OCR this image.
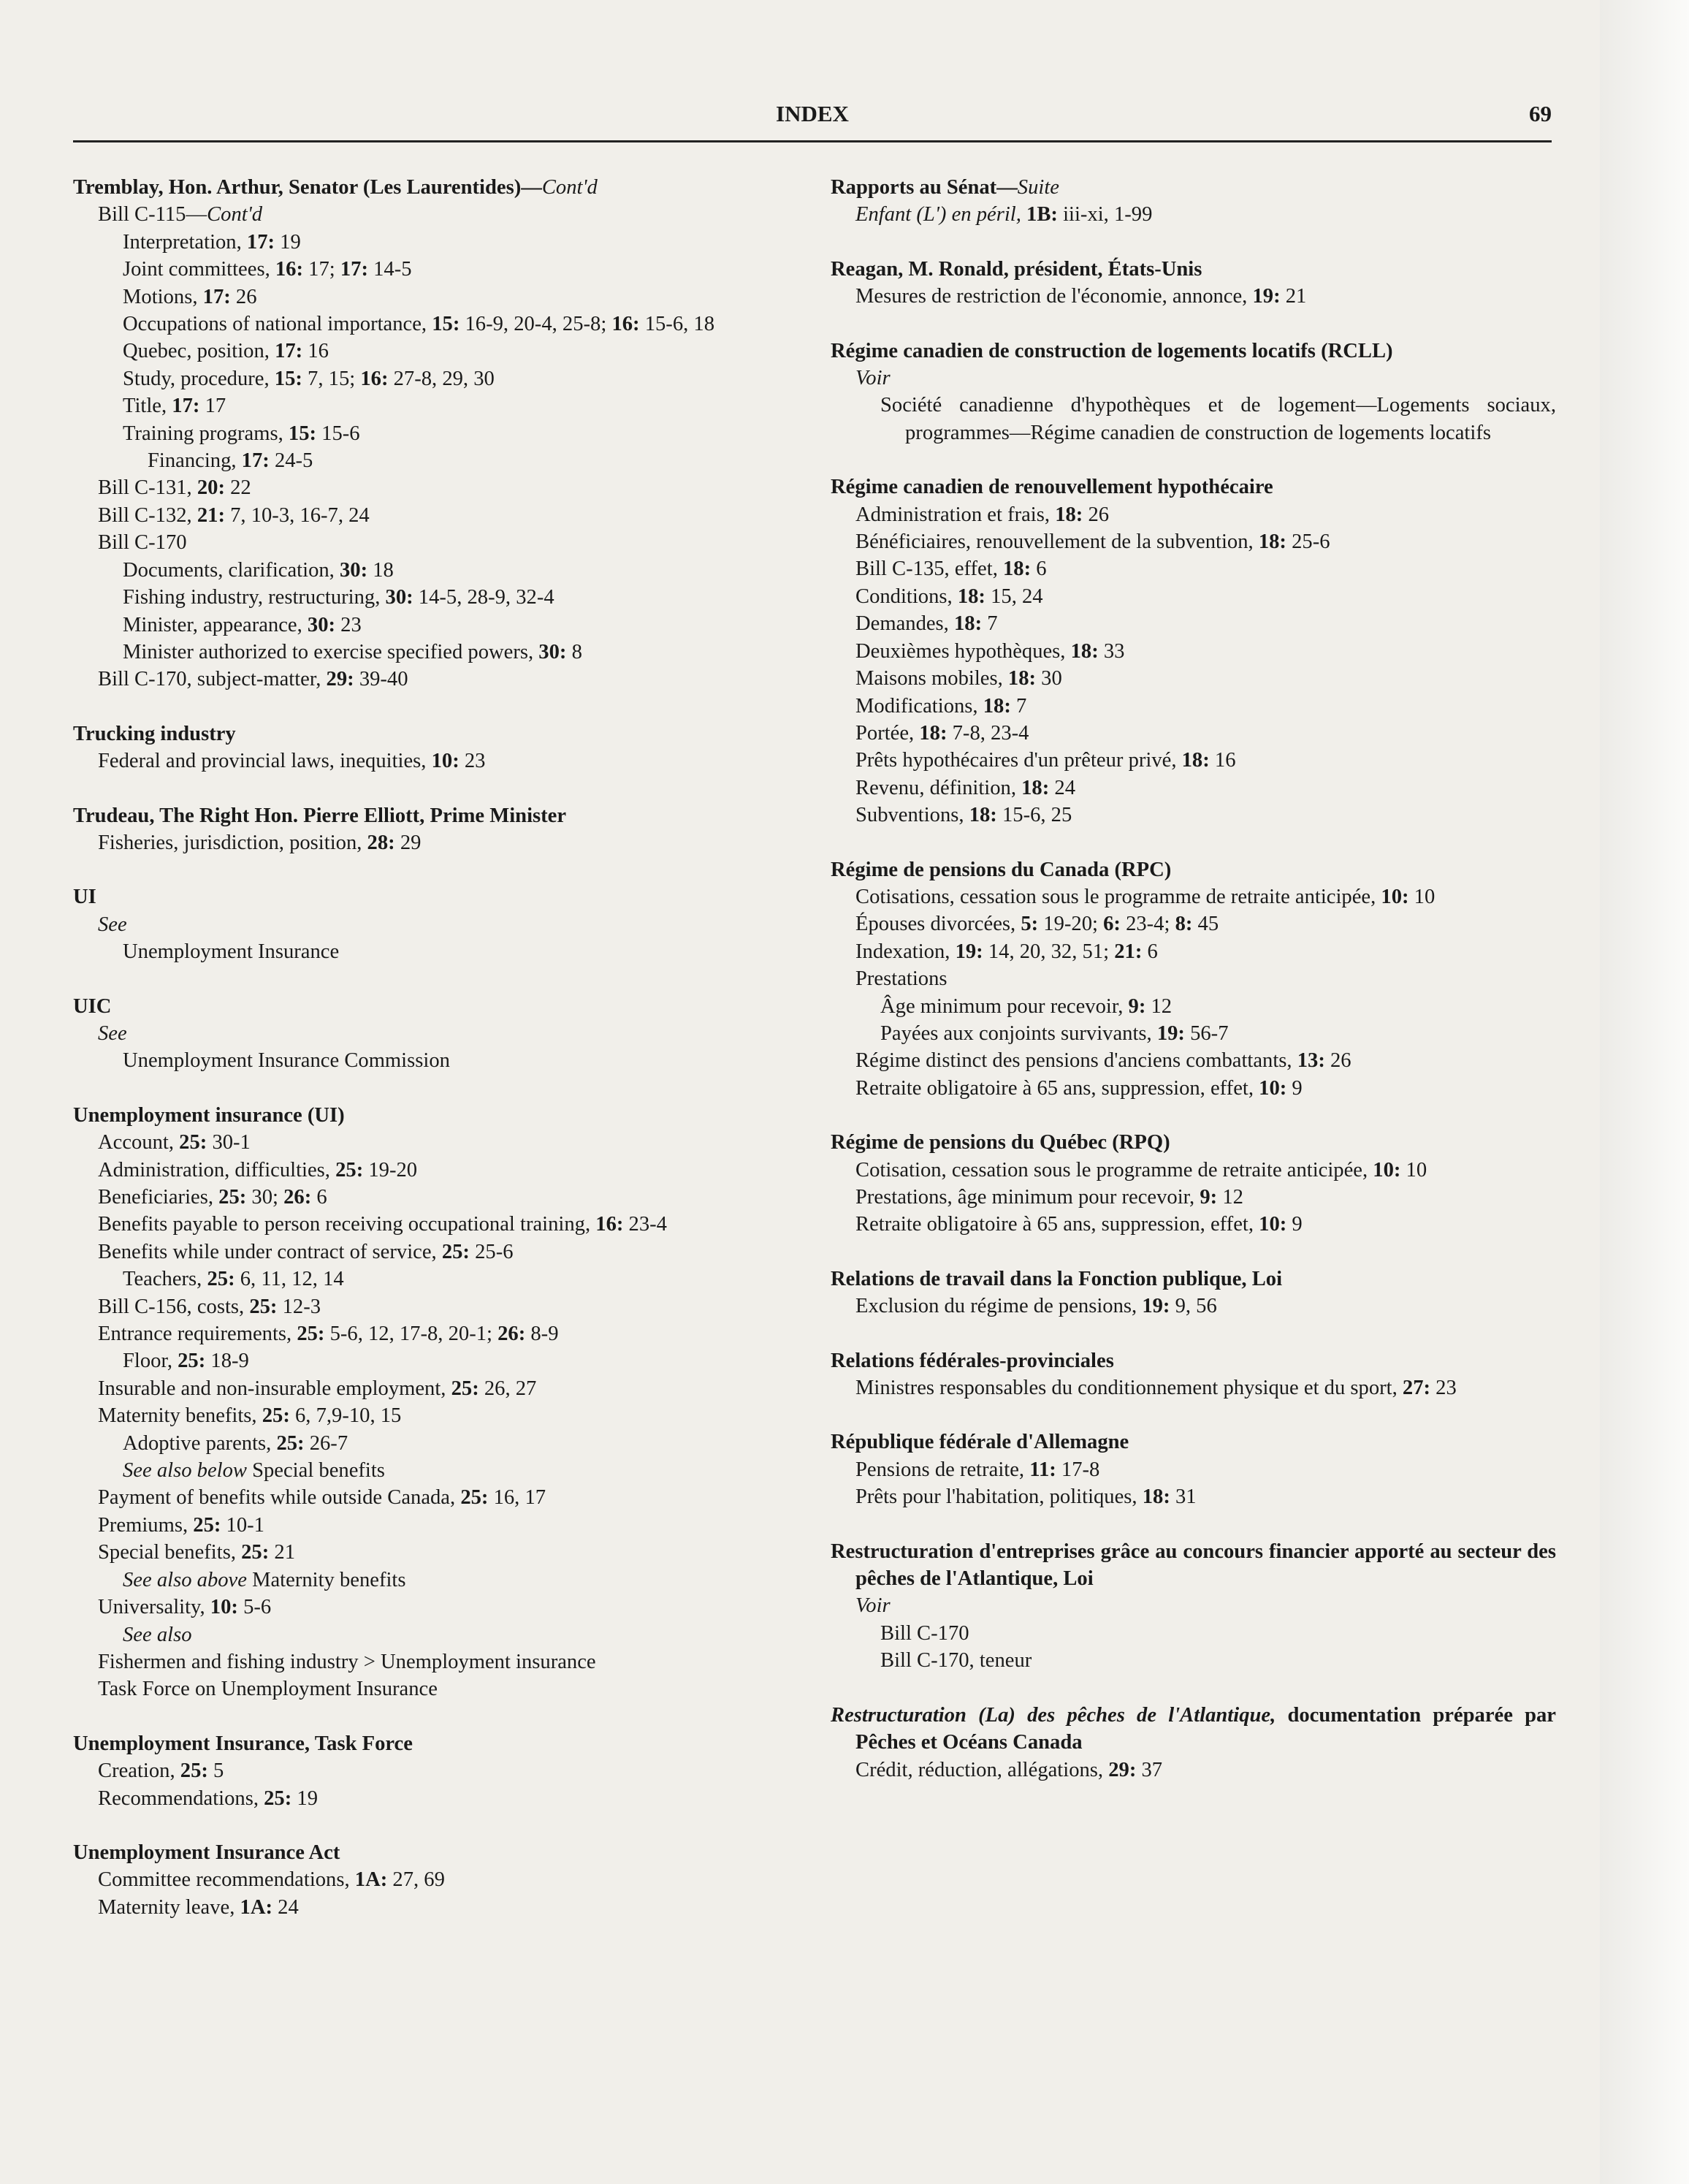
INDEX	69
Tremblay, Hon. Arthur, Senator (Les Laurentides)—Cont'd
Bill C-115—Cont'd
Interpretation, 17: 19
Joint committees, 16: 17; 17: 14-5
Motions, 17: 26
Occupations of national importance, 15: 16-9, 20-4, 25-8; 16: 15-6, 18
Quebec, position, 17: 16
Study, procedure, 15: 7, 15; 16: 27-8, 29, 30
Title, 17: 17
Training programs, 15: 15-6
Financing, 17: 24-5
Bill C-131, 20: 22
Bill C-132, 21: 7, 10-3, 16-7, 24
Bill C-170
Documents, clarification, 30: 18
Fishing industry, restructuring, 30: 14-5, 28-9, 32-4
Minister, appearance, 30: 23
Minister authorized to exercise specified powers, 30: 8
Bill C-170, subject-matter, 29: 39-40
Trucking industry
Federal and provincial laws, inequities, 10: 23
Trudeau, The Right Hon. Pierre Elliott, Prime Minister
Fisheries, jurisdiction, position, 28: 29
UI
See
Unemployment Insurance
UIC
See
Unemployment Insurance Commission
Unemployment insurance (UI)
Account, 25: 30-1
Administration, difficulties, 25: 19-20
Beneficiaries, 25: 30; 26: 6
Benefits payable to person receiving occupational training, 16: 23-4
Benefits while under contract of service, 25: 25-6
Teachers, 25: 6, 11, 12, 14
Bill C-156, costs, 25: 12-3
Entrance requirements, 25: 5-6, 12, 17-8, 20-1; 26: 8-9
Floor, 25: 18-9
Insurable and non-insurable employment, 25: 26, 27
Maternity benefits, 25: 6, 7,9-10, 15
Adoptive parents, 25: 26-7
See also below Special benefits
Payment of benefits while outside Canada, 25: 16, 17
Premiums, 25: 10-1
Special benefits, 25: 21
See also above Maternity benefits
Universality, 10: 5-6
See also
Fishermen and fishing industry > Unemployment insurance
Task Force on Unemployment Insurance
Unemployment Insurance, Task Force
Creation, 25: 5
Recommendations, 25: 19
Unemployment Insurance Act
Committee recommendations, 1A: 27, 69
Maternity leave, 1A: 24
Rapports au Sénat—Suite
Enfant (L') en péril, 1B: iii-xi, 1-99
Reagan, M. Ronald, président, États-Unis
Mesures de restriction de l'économie, annonce, 19: 21
Régime canadien de construction de logements locatifs (RCLL)
Voir
Société canadienne d'hypothèques et de logement—Logements sociaux, programmes—Régime canadien de construction de logements locatifs
Régime canadien de renouvellement hypothécaire
Administration et frais, 18: 26
Bénéficiaires, renouvellement de la subvention, 18: 25-6
Bill C-135, effet, 18: 6
Conditions, 18: 15, 24
Demandes, 18: 7
Deuxièmes hypothèques, 18: 33
Maisons mobiles, 18: 30
Modifications, 18: 7
Portée, 18: 7-8, 23-4
Prêts hypothécaires d'un prêteur privé, 18: 16
Revenu, définition, 18: 24
Subventions, 18: 15-6, 25
Régime de pensions du Canada (RPC)
Cotisations, cessation sous le programme de retraite anticipée, 10: 10
Épouses divorcées, 5: 19-20; 6: 23-4; 8: 45
Indexation, 19: 14, 20, 32, 51; 21: 6
Prestations
Âge minimum pour recevoir, 9: 12
Payées aux conjoints survivants, 19: 56-7
Régime distinct des pensions d'anciens combattants, 13: 26
Retraite obligatoire à 65 ans, suppression, effet, 10: 9
Régime de pensions du Québec (RPQ)
Cotisation, cessation sous le programme de retraite anticipée, 10: 10
Prestations, âge minimum pour recevoir, 9: 12
Retraite obligatoire à 65 ans, suppression, effet, 10: 9
Relations de travail dans la Fonction publique, Loi
Exclusion du régime de pensions, 19: 9, 56
Relations fédérales-provinciales
Ministres responsables du conditionnement physique et du sport, 27: 23
République fédérale d'Allemagne
Pensions de retraite, 11: 17-8
Prêts pour l'habitation, politiques, 18: 31
Restructuration d'entreprises grâce au concours financier apporté au secteur des pêches de l'Atlantique, Loi
Voir
Bill C-170
Bill C-170, teneur
Restructuration (La) des pêches de l'Atlantique, documentation préparée par Pêches et Océans Canada
Crédit, réduction, allégations, 29: 37
